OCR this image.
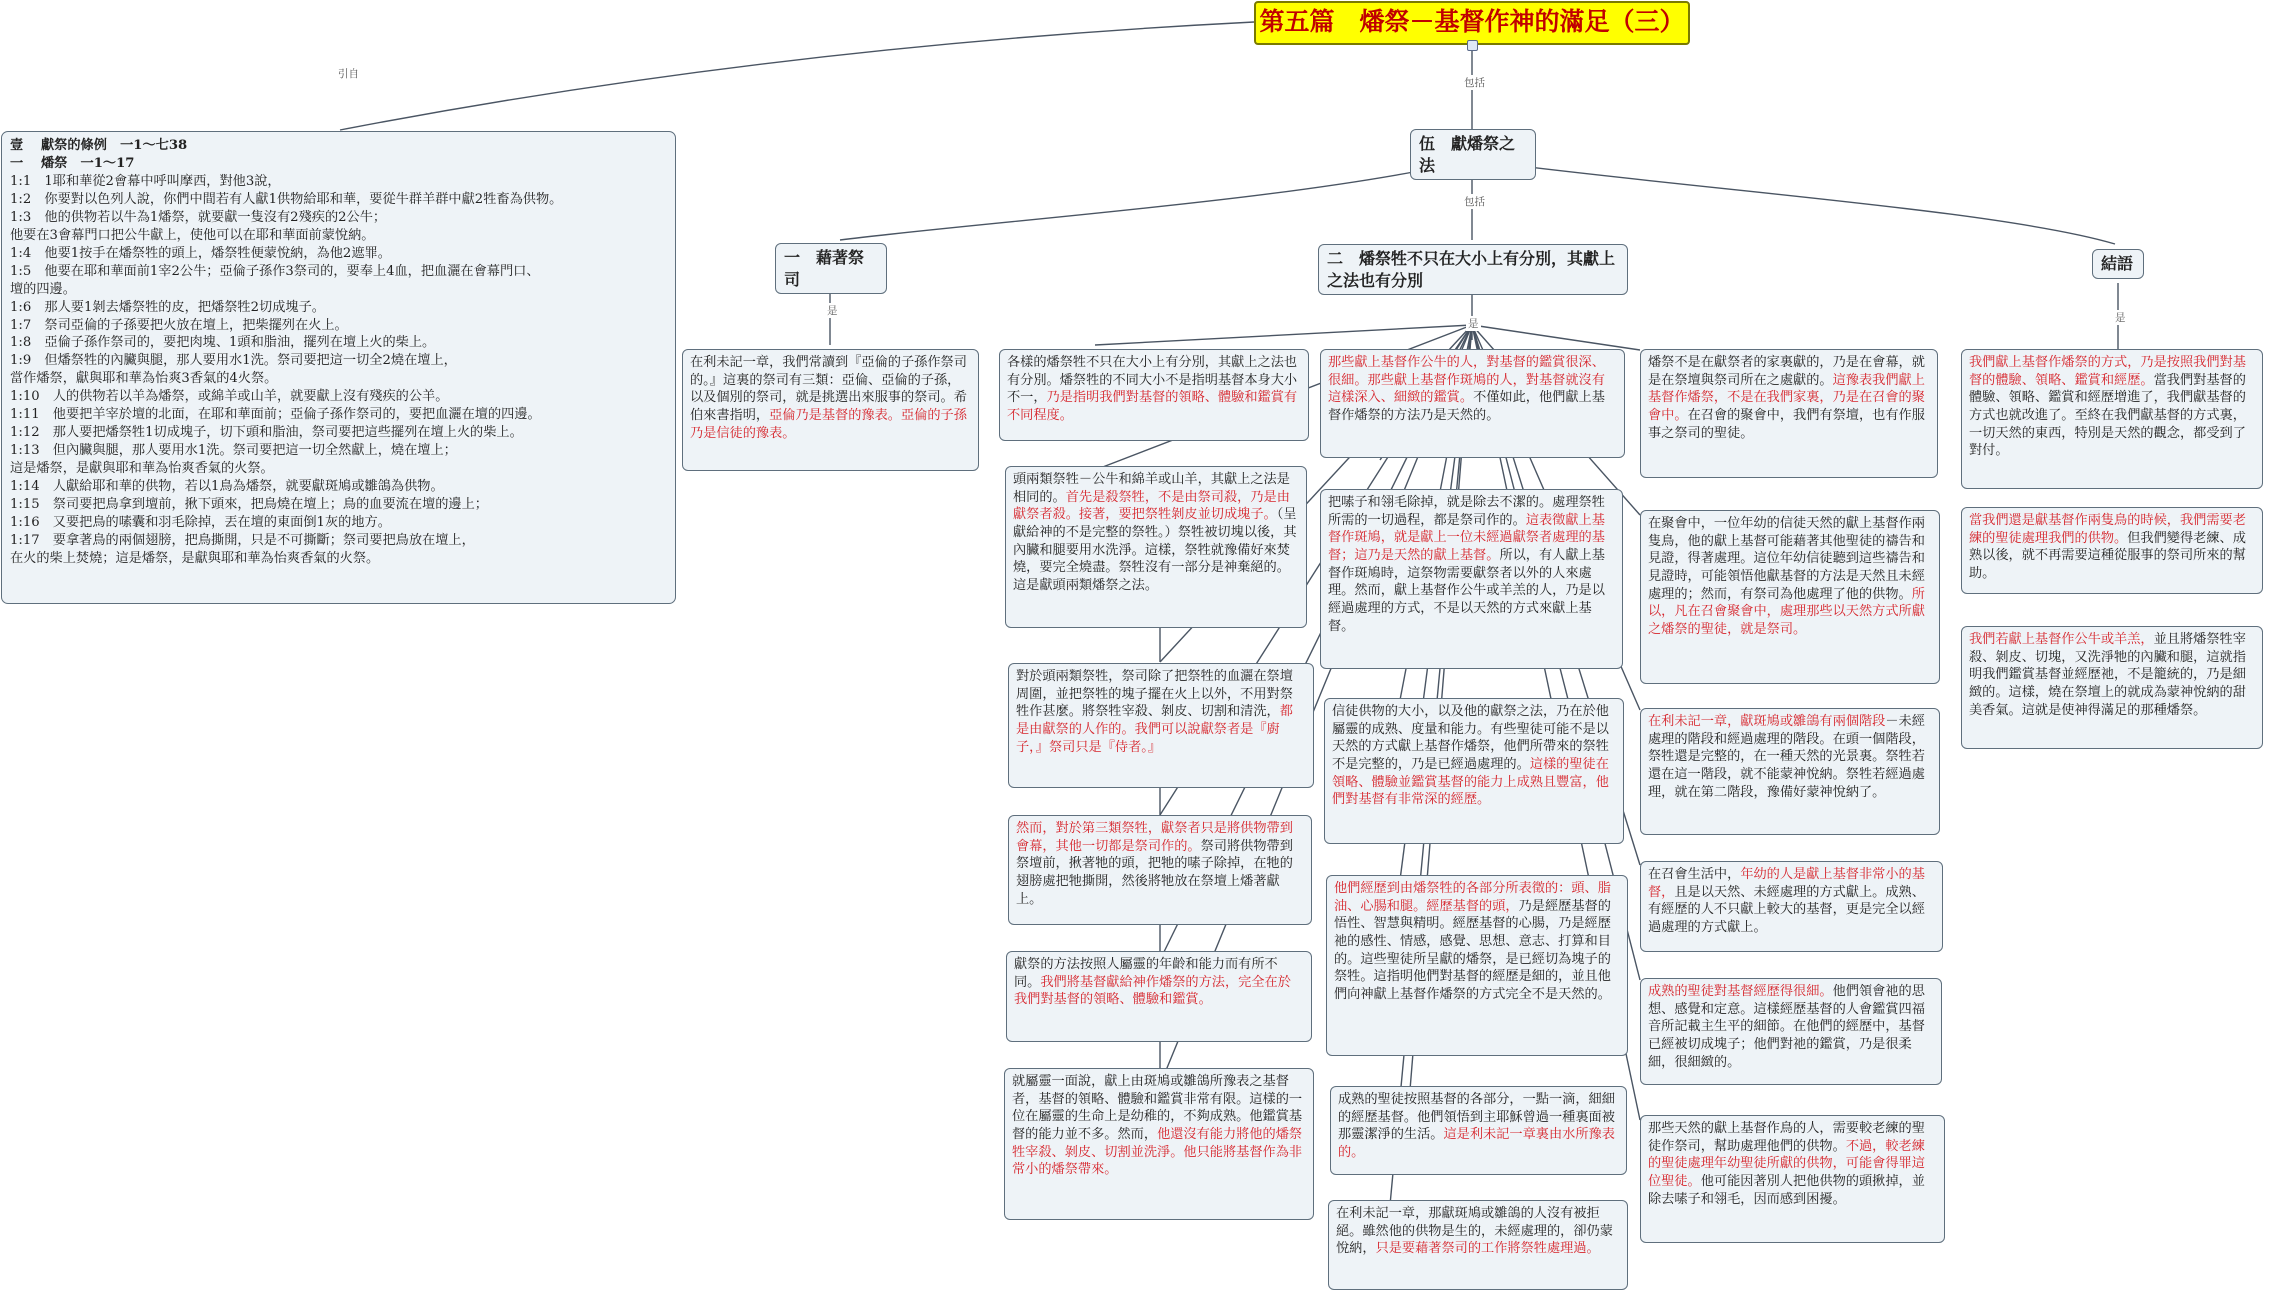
第五篇　燔祭－基督作神的滿足（三）
引自
包括
包括
是
是	是
伍　獻燔祭之法
一　藉著祭司
二　燔祭牲不只在大小上有分別，其獻上之法也有分別
結語
壹　 獻祭的條例　一1～七38
一　 燔祭　一1～17
1:1　1耶和華從2會幕中呼叫摩西，對他3說，
1:2　你要對以色列人說，你們中間若有人獻1供物給耶和華，要從牛群羊群中獻2牲畜為供物。
1:3　他的供物若以牛為1燔祭，就要獻一隻沒有2殘疾的2公牛；
他要在3會幕門口把公牛獻上，使他可以在耶和華面前蒙悅納。
1:4　他要1按手在燔祭牲的頭上，燔祭牲便蒙悅納，為他2遮罪。
1:5　他要在耶和華面前1宰2公牛；亞倫子孫作3祭司的，要奉上4血，把血灑在會幕門口、
壇的四邊。
1:6　那人要1剝去燔祭牲的皮，把燔祭牲2切成塊子。
1:7　祭司亞倫的子孫要把火放在壇上，把柴擺列在火上。
1:8　亞倫子孫作祭司的，要把肉塊、1頭和脂油，擺列在壇上火的柴上。
1:9　但燔祭牲的內臟與腿，那人要用水1洗。祭司要把這一切全2燒在壇上，
當作燔祭，獻與耶和華為怡爽3香氣的4火祭。
1:10　人的供物若以羊為燔祭，或綿羊或山羊，就要獻上沒有殘疾的公羊。
1:11　他要把羊宰於壇的北面，在耶和華面前；亞倫子孫作祭司的，要把血灑在壇的四邊。
1:12　那人要把燔祭牲1切成塊子，切下頭和脂油，祭司要把這些擺列在壇上火的柴上。
1:13　但內臟與腿，那人要用水1洗。祭司要把這一切全然獻上，燒在壇上；
這是燔祭，是獻與耶和華為怡爽香氣的火祭。
1:14　人獻給耶和華的供物，若以1鳥為燔祭，就要獻斑鳩或雛鴿為供物。
1:15　祭司要把鳥拿到壇前，揪下頭來，把鳥燒在壇上；鳥的血要流在壇的邊上；
1:16　又要把鳥的嗉囊和羽毛除掉，丟在壇的東面倒1灰的地方。
1:17　要拿著鳥的兩個翅膀，把鳥撕開，只是不可撕斷；祭司要把鳥放在壇上，
在火的柴上焚燒；這是燔祭，是獻與耶和華為怡爽香氣的火祭。
在利未記一章，我們常讀到『亞倫的子孫作祭司的。』這裏的祭司有三類：亞倫、亞倫的子孫，以及個別的祭司，就是挑選出來服事的祭司。希伯來書指明，亞倫乃是基督的豫表。亞倫的子孫乃是信徒的豫表。
各樣的燔祭牲不只在大小上有分別，其獻上之法也有分別。燔祭牲的不同大小不是指明基督本身大小不一，乃是指明我們對基督的領略、體驗和鑑賞有不同程度。
頭兩類祭牲－公牛和綿羊或山羊，其獻上之法是相同的。首先是殺祭牲，不是由祭司殺，乃是由獻祭者殺。接著，要把祭牲剝皮並切成塊子。（呈獻給神的不是完整的祭牲。）祭牲被切塊以後，其內臟和腿要用水洗淨。這樣，祭牲就豫備好來焚燒，要完全燒盡。祭牲沒有一部分是神棄絕的。這是獻頭兩類燔祭之法。
對於頭兩類祭牲，祭司除了把祭牲的血灑在祭壇周圍，並把祭牲的塊子擺在火上以外，不用對祭牲作甚麼。將祭牲宰殺、剝皮、切割和清洗，都是由獻祭的人作的。我們可以說獻祭者是『廚子，』祭司只是『侍者。』
然而，對於第三類祭牲，獻祭者只是將供物帶到會幕，其他一切都是祭司作的。祭司將供物帶到祭壇前，揪著牠的頭，把牠的嗉子除掉，在牠的翅膀處把牠撕開，然後將牠放在祭壇上燔著獻上。
獻祭的方法按照人屬靈的年齡和能力而有所不同。我們將基督獻給神作燔祭的方法，完全在於我們對基督的領略、體驗和鑑賞。
就屬靈一面說，獻上由斑鳩或雛鴿所豫表之基督者，基督的領略、體驗和鑑賞非常有限。這樣的一位在屬靈的生命上是幼稚的，不夠成熟。他鑑賞基督的能力並不多。然而，他還沒有能力將他的燔祭牲宰殺、剝皮、切割並洗淨。他只能將基督作為非常小的燔祭帶來。
那些獻上基督作公牛的人，對基督的鑑賞很深、很細。那些獻上基督作斑鳩的人，對基督就沒有這樣深入、細緻的鑑賞。不僅如此，他們獻上基督作燔祭的方法乃是天然的。
把嗉子和翎毛除掉，就是除去不潔的。處理祭牲所需的一切過程，都是祭司作的。這表徵獻上基督作斑鳩，就是獻上一位未經過獻祭者處理的基督；這乃是天然的獻上基督。所以，有人獻上基督作斑鳩時，這祭物需要獻祭者以外的人來處理。然而，獻上基督作公牛或羊羔的人，乃是以經過處理的方式，不是以天然的方式來獻上基督。
信徒供物的大小，以及他的獻祭之法，乃在於他屬靈的成熟、度量和能力。有些聖徒可能不是以天然的方式獻上基督作燔祭，他們所帶來的祭牲不是完整的，乃是已經過處理的。這樣的聖徒在領略、體驗並鑑賞基督的能力上成熟且豐富，他們對基督有非常深的經歷。
他們經歷到由燔祭牲的各部分所表徵的：頭、脂油、心腸和腿。經歷基督的頭，乃是經歷基督的悟性、智慧與精明。經歷基督的心腸，乃是經歷祂的感性、情感，感覺、思想、意志、打算和目的。這些聖徒所呈獻的燔祭，是已經切為塊子的祭牲。這指明他們對基督的經歷是細的，並且他們向神獻上基督作燔祭的方式完全不是天然的。
成熟的聖徒按照基督的各部分，一點一滴，細細的經歷基督。他們領悟到主耶穌曾過一種裏面被那靈潔淨的生活。這是利未記一章裏由水所豫表的。
在利未記一章，那獻斑鳩或雛鴿的人沒有被拒絕。雖然他的供物是生的，未經處理的，卻仍蒙悅納，只是要藉著祭司的工作將祭牲處理過。
燔祭不是在獻祭者的家裏獻的，乃是在會幕，就是在祭壇與祭司所在之處獻的。這豫表我們獻上基督作燔祭，不是在我們家裏，乃是在召會的聚會中。在召會的聚會中，我們有祭壇，也有作服事之祭司的聖徒。
在聚會中，一位年幼的信徒天然的獻上基督作兩隻鳥，他的獻上基督可能藉著其他聖徒的禱告和見證，得著處理。這位年幼信徒聽到這些禱告和見證時，可能領悟他獻基督的方法是天然且未經處理的；然而，有祭司為他處理了他的供物。所以，凡在召會聚會中，處理那些以天然方式所獻之燔祭的聖徒，就是祭司。
在利未記一章，獻斑鳩或雛鴿有兩個階段－未經處理的階段和經過處理的階段。在頭一個階段，祭牲還是完整的，在一種天然的光景裏。祭牲若還在這一階段，就不能蒙神悅納。祭牲若經過處理，就在第二階段，豫備好蒙神悅納了。
在召會生活中，年幼的人是獻上基督非常小的基督，且是以天然、未經處理的方式獻上。成熟、有經歷的人不只獻上較大的基督，更是完全以經過處理的方式獻上。
成熟的聖徒對基督經歷得很細。他們領會祂的思想、感覺和定意。這樣經歷基督的人會鑑賞四福音所記載主生平的細節。在他們的經歷中，基督已經被切成塊子；他們對祂的鑑賞，乃是很柔細，很細緻的。
那些天然的獻上基督作鳥的人，需要較老練的聖徒作祭司，幫助處理他們的供物。不過，較老練的聖徒處理年幼聖徒所獻的供物，可能會得罪這位聖徒。他可能因著別人把他供物的頭揪掉，並除去嗉子和翎毛，因而感到困擾。
我們獻上基督作燔祭的方式，乃是按照我們對基督的體驗、領略、鑑賞和經歷。當我們對基督的體驗、領略、鑑賞和經歷增進了，我們獻基督的方式也就改進了。至終在我們獻基督的方式裏，一切天然的東西，特別是天然的觀念，都受到了對付。
當我們還是獻基督作兩隻鳥的時候，我們需要老練的聖徒處理我們的供物。但我們變得老練、成熟以後，就不再需要這種從服事的祭司所來的幫助。
我們若獻上基督作公牛或羊羔，並且將燔祭牲宰殺、剝皮、切塊，又洗淨牠的內臟和腿，這就指明我們鑑賞基督並經歷祂，不是籠統的，乃是細緻的。這樣，燒在祭壇上的就成為蒙神悅納的甜美香氣。這就是使神得滿足的那種燔祭。
